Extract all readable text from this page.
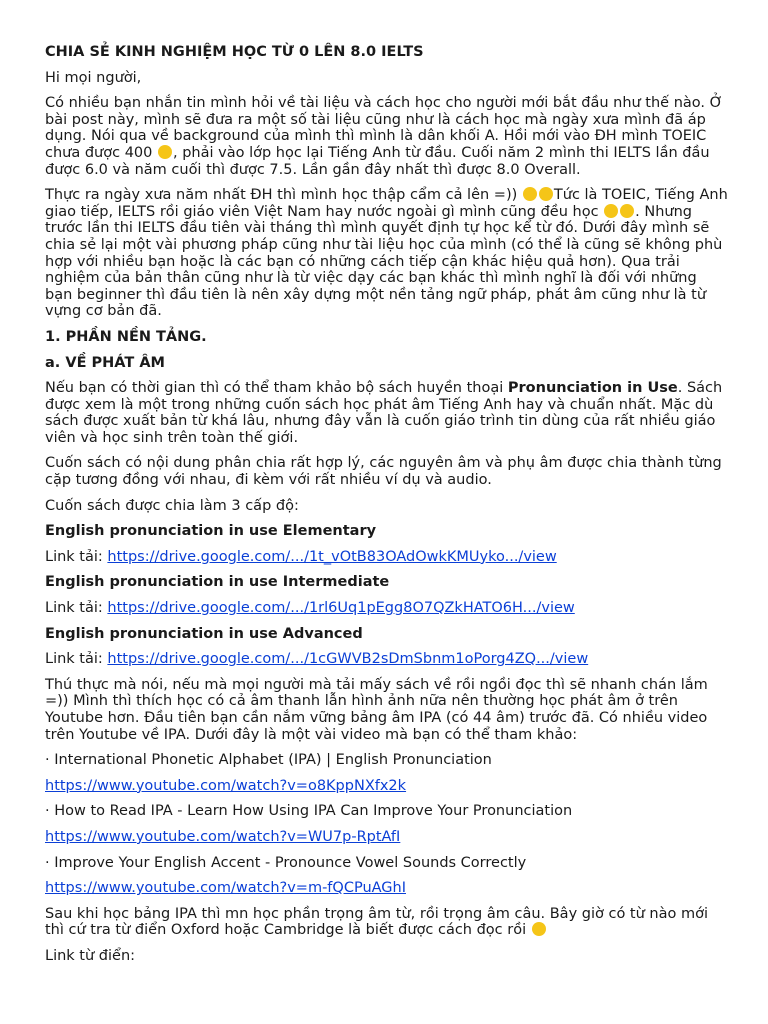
CHIA SẺ KINH NGHIỆM HỌC TỪ 0 LÊN 8.0 IELTS

Hi mọi người,

Có nhiều bạn nhắn tin mình hỏi về tài liệu và cách học cho người mới bắt đầu như thế nào. Ở bài post này, mình sẽ đưa ra một số tài liệu cũng như là cách học mà ngày xưa mình đã áp dụng. Nói qua về background của mình thì mình là dân khối A. Hồi mới vào ĐH mình TOEIC chưa được 400 , phải vào lớp học lại Tiếng Anh từ đầu. Cuối năm 2 mình thi IELTS lần đầu được 6.0 và năm cuối thì được 7.5. Lần gần đây nhất thì được 8.0 Overall.

Thực ra ngày xưa năm nhất ĐH thì mình học thập cẩm cả lên =))	Tức là TOEIC, Tiếng Anh giao tiếp, IELTS rồi giáo viên Việt Nam hay nước ngoài gì mình cũng đều học	. Nhưng trước lần thi IELTS đầu tiên vài tháng thì mình quyết định tự học kể từ đó. Dưới đây mình sẽ chia sẻ lại một vài phương pháp cũng như tài liệu học của mình (có thể là cũng sẽ không phù hợp với nhiều bạn hoặc là các bạn có những cách tiếp cận khác hiệu quả hơn). Qua trải nghiệm của bản thân cũng như là từ việc dạy các bạn khác thì mình nghĩ là đối với những bạn beginner thì đầu tiên là nên xây dựng một nền tảng ngữ pháp, phát âm cũng như là từ vựng cơ bản đã.

1. PHẦN NỀN TẢNG.

a. VỀ PHÁT ÂM

Nếu bạn có thời gian thì có thể tham khảo bộ sách huyền thoại Pronunciation in Use. Sách được xem là một trong những cuốn sách học phát âm Tiếng Anh hay và chuẩn nhất. Mặc dù sách được xuất bản từ khá lâu, nhưng đây vẫn là cuốn giáo trình tin dùng của rất nhiều giáo viên và học sinh trên toàn thế giới.

Cuốn sách có nội dung phân chia rất hợp lý, các nguyên âm và phụ âm được chia thành từng cặp tương đồng với nhau, đi kèm với rất nhiều ví dụ và audio.

Cuốn sách được chia làm 3 cấp độ:

English pronunciation in use Elementary

Link tải: https://drive.google.com/.../1t_vOtB83OAdOwkKMUyko.../view

English pronunciation in use Intermediate

Link tải: https://drive.google.com/.../1rl6Uq1pEgg8O7QZkHATO6H.../view

English pronunciation in use Advanced

Link tải: https://drive.google.com/.../1cGWVB2sDmSbnm1oPorg4ZQ.../view

Thú thực mà nói, nếu mà mọi người mà tải mấy sách về rồi ngồi đọc thì sẽ nhanh chán lắm =)) Mình thì thích học có cả âm thanh lẫn hình ảnh nữa nên thường học phát âm ở trên Youtube hơn. Đầu tiên bạn cần nắm vững bảng âm IPA (có 44 âm) trước đã. Có nhiều video trên Youtube về IPA. Dưới đây là một vài video mà bạn có thể tham khảo:

· International Phonetic Alphabet (IPA) | English Pronunciation

https://www.youtube.com/watch?v=o8KppNXfx2k

· How to Read IPA - Learn How Using IPA Can Improve Your Pronunciation

https://www.youtube.com/watch?v=WU7p-RptAfI

· Improve Your English Accent - Pronounce Vowel Sounds Correctly

https://www.youtube.com/watch?v=m-fQCPuAGhI

Sau khi học bảng IPA thì mn học phần trọng âm từ, rồi trọng âm câu. Bây giờ có từ nào mới thì cứ tra từ điển Oxford hoặc Cambridge là biết được cách đọc rồi

Link từ điển:
